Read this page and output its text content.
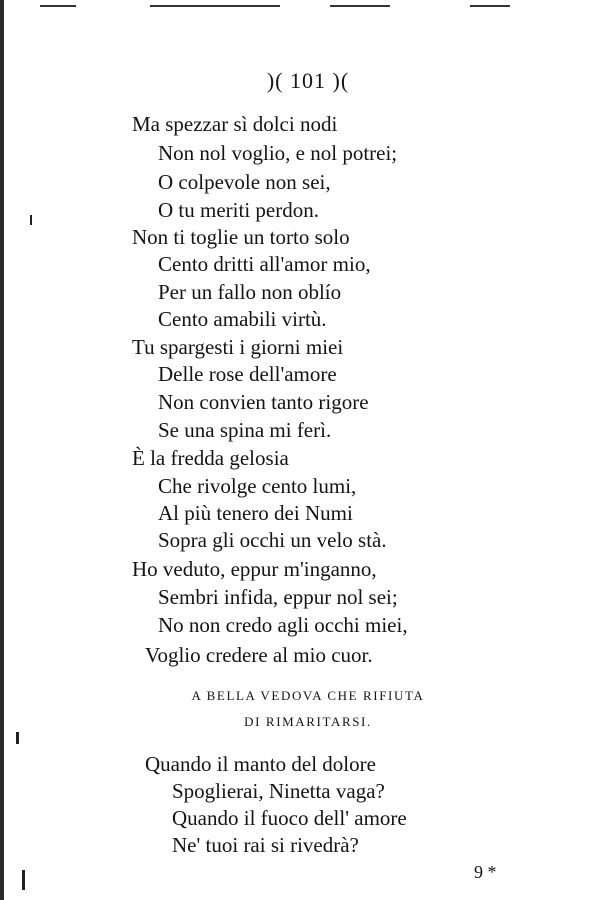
)( 101 )(
Ma spezzar sì dolci nodi
Non nol voglio, e nol potrei;
O colpevole non sei,
O tu meriti perdon.
Non ti toglie un torto solo
Cento dritti all'amor mio,
Per un fallo non oblío
Cento amabili virtù.
Tu spargesti i giorni miei
Delle rose dell'amore
Non convien tanto rigore
Se una spina mi ferì.
È la fredda gelosia
Che rivolge cento lumi,
Al più tenero dei Numi
Sopra gli occhi un velo stà.
Ho veduto, eppur m'inganno,
Sembri infida, eppur nol sei;
No non credo agli occhi miei,
Voglio credere al mio cuor.
A BELLA VEDOVA CHE RIFIUTA
DI RIMARITARSI.
Quando il manto del dolore
Spoglierai, Ninetta vaga?
Quando il fuoco dell' amore
Ne' tuoi rai si rivedrà?
9 *
